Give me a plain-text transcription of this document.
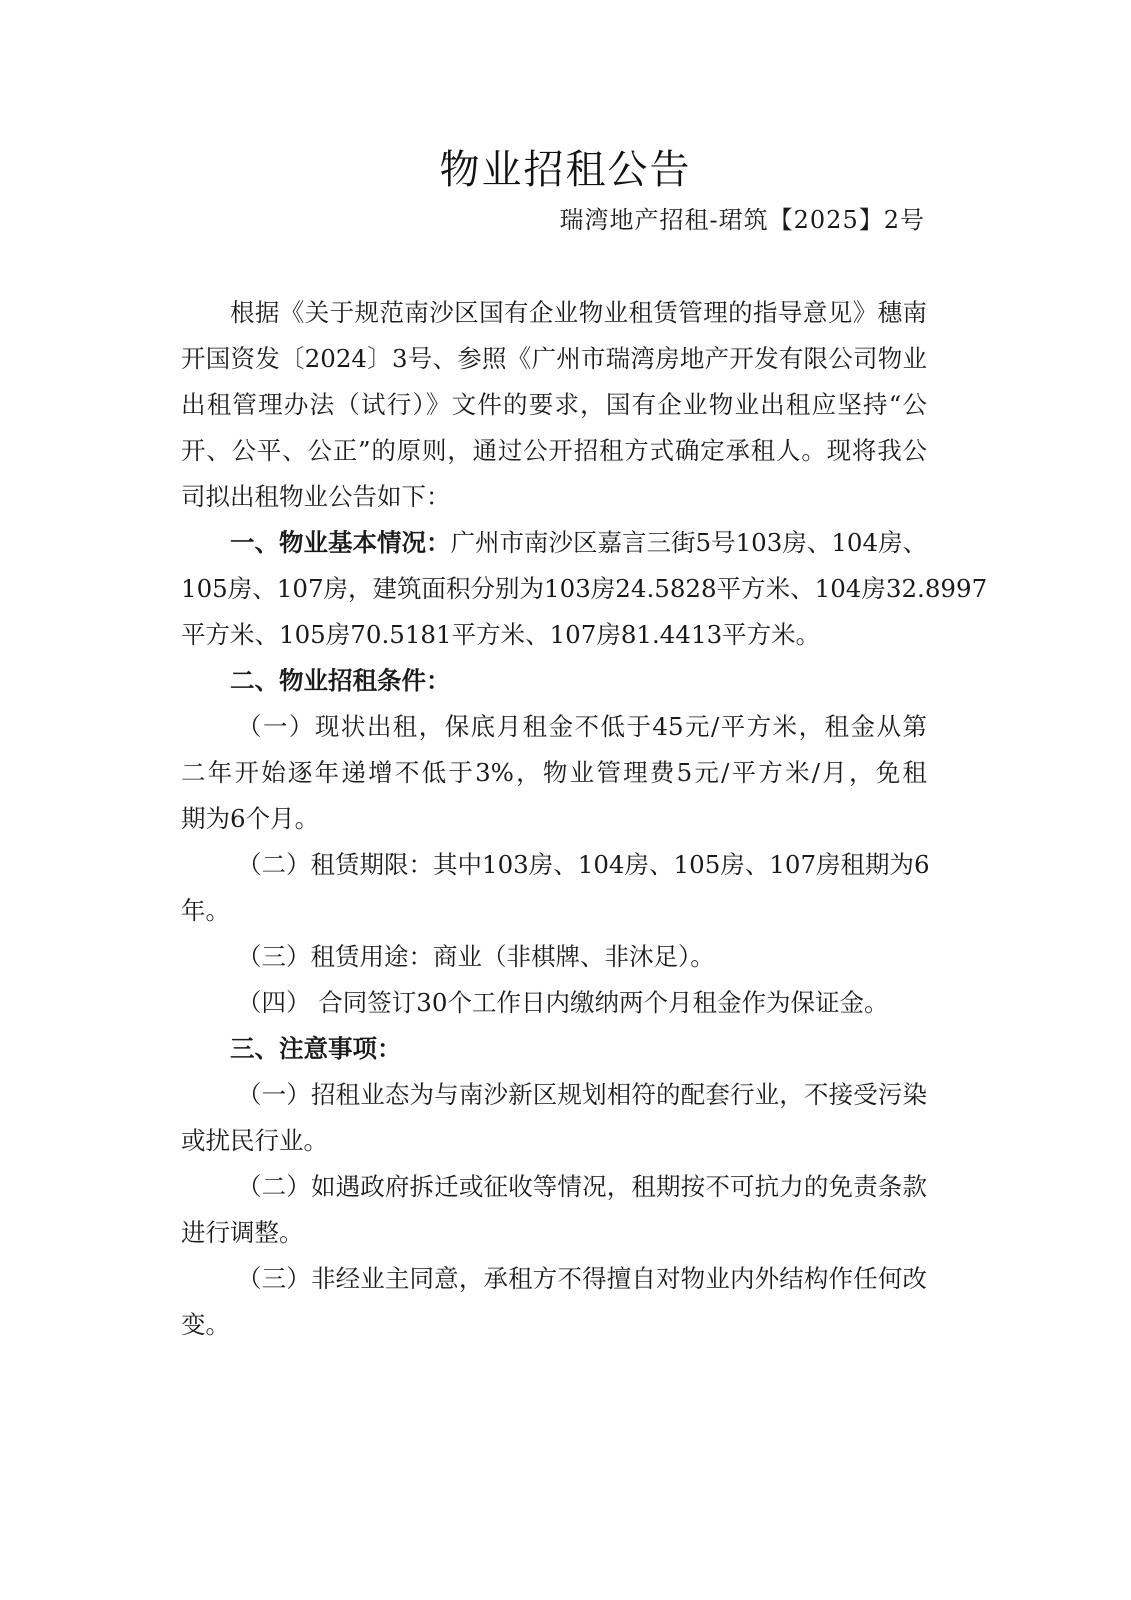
物业招租公告
瑞湾地产招租-珺筑【2025】2号
根据《关于规范南沙区国有企业物业租赁管理的指导意见》穗南
开国资发〔2024〕3号、参照《广州市瑞湾房地产开发有限公司物业
出租管理办法（试行）》文件的要求，国有企业物业出租应坚持“公
开、公平、公正”的原则，通过公开招租方式确定承租人。现将我公
司拟出租物业公告如下：
一、物业基本情况：广州市南沙区嘉言三街5号103房、104房、
105房、107房，建筑面积分别为103房24.5828平方米、104房32.8997
平方米、105房70.5181平方米、107房81.4413平方米。
二、物业招租条件：
（一）现状出租，保底月租金不低于45元/平方米，租金从第
二年开始逐年递增不低于3%，物业管理费5元/平方米/月，免租
期为6个月。
（二）租赁期限：其中103房、104房、105房、107房租期为6
年。
（三）租赁用途：商业（非棋牌、非沐足）。
（四） 合同签订30个工作日内缴纳两个月租金作为保证金。
三、注意事项：
（一）招租业态为与南沙新区规划相符的配套行业，不接受污染
或扰民行业。
（二）如遇政府拆迁或征收等情况，租期按不可抗力的免责条款
进行调整。
（三）非经业主同意，承租方不得擅自对物业内外结构作任何改
变。
